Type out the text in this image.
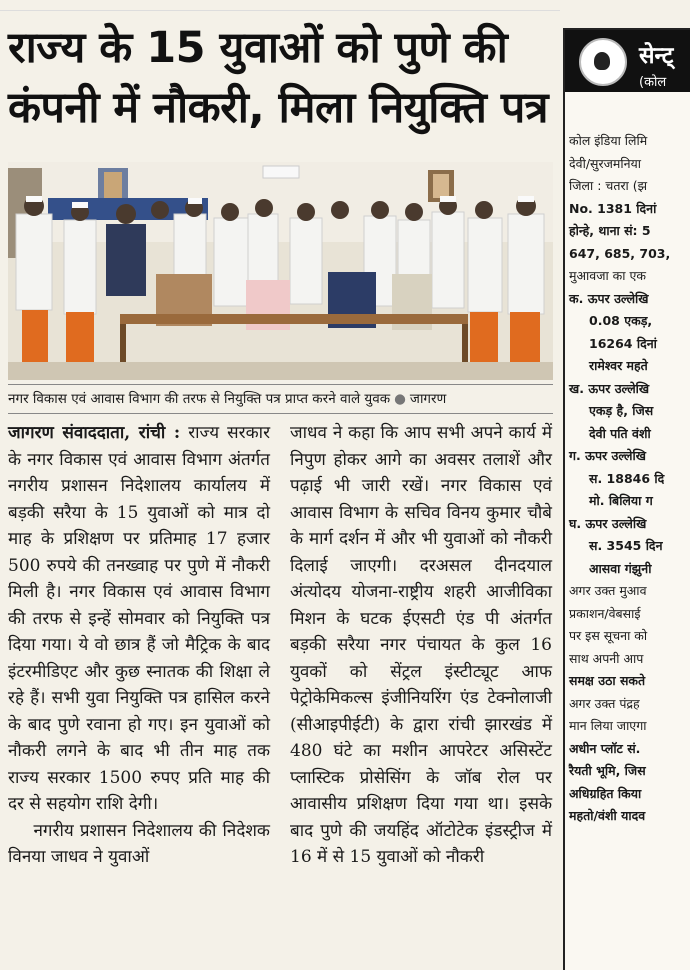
राज्य के 15 युवाओं को पुणे की
कंपनी में नौकरी, मिला नियुक्ति पत्र
नगर विकास एवं आवास विभाग की तरफ से नियुक्ति पत्र प्राप्त करने वाले युवक ● जागरण

जागरण संवाददाता, रांची : राज्य सरकार के नगर विकास एवं आवास विभाग अंतर्गत नगरीय प्रशासन निदेशालय कार्यालय में बड़की सरैया के 15 युवाओं को मात्र दो माह के प्रशिक्षण पर प्रतिमाह 17 हजार 500 रुपये की तनख्वाह पर पुणे में नौकरी मिली है। नगर विकास एवं आवास विभाग की तरफ से इन्हें सोमवार को नियुक्ति पत्र दिया गया। ये वो छात्र हैं जो मैट्रिक के बाद इंटरमीडिएट और कुछ स्नातक की शिक्षा ले रहे हैं। सभी युवा नियुक्ति पत्र हासिल करने के बाद पुणे रवाना हो गए। इन युवाओं को नौकरी लगने के बाद भी तीन माह तक राज्य सरकार 1500 रुपए प्रति माह की दर से सहयोग राशि देगी।

नगरीय प्रशासन निदेशालय की निदेशक विनया जाधव ने युवाओं

जाधव ने कहा कि आप सभी अपने कार्य में निपुण होकर आगे का अवसर तलाशें और पढ़ाई भी जारी रखें। नगर विकास एवं आवास विभाग के सचिव विनय कुमार चौबे के मार्ग दर्शन में और भी युवाओं को नौकरी दिलाई जाएगी। दरअसल दीनदयाल अंत्योदय योजना-राष्ट्रीय शहरी आजीविका मिशन के घटक ईएसटी एंड पी अंतर्गत बड़की सरैया नगर पंचायत के कुल 16 युवकों को सेंट्रल इंस्टीट्यूट आफ पेट्रोकेमिकल्स इंजीनियरिंग एंड टेक्नोलाजी (सीआइपीईटी) के द्वारा रांची झारखंड में 480 घंटे का मशीन आपरेटर असिस्टेंट प्लास्टिक प्रोसेसिंग के जॉब रोल पर आवासीय प्रशिक्षण दिया गया था। इसके बाद पुणे की जयहिंद ऑटोटेक इंडस्ट्रीज में 16 में से 15 युवाओं को नौकरी

सेन्ट्
(कोल
कोल इंडिया लिमि
देवी/सुरजमनिया
जिला : चतरा (झ
No. 1381 दिनां
होन्हे, थाना सं: 5
647, 685, 703,
मुआवजा का एक
क. ऊपर उल्लेखि
0.08 एकड़,
16264 दिनां
रामेश्वर महते
ख. ऊपर उल्लेखि
एकड़ है, जिस
देवी पति वंशी
ग. ऊपर उल्लेखि
स. 18846 दि
मो. बिलिया ग
घ. ऊपर उल्लेखि
स. 3545 दिन
आसवा गंझुनी
अगर उक्त मुआव
प्रकाशन/वेबसाई
पर इस सूचना को
साथ अपनी आप
समक्ष उठा सकते
अगर उक्त पंद्रह
मान लिया जाएगा
अधीन प्लॉट सं.
रैयती भूमि, जिस
अधिग्रहित किया
महतो/वंशी यादव
